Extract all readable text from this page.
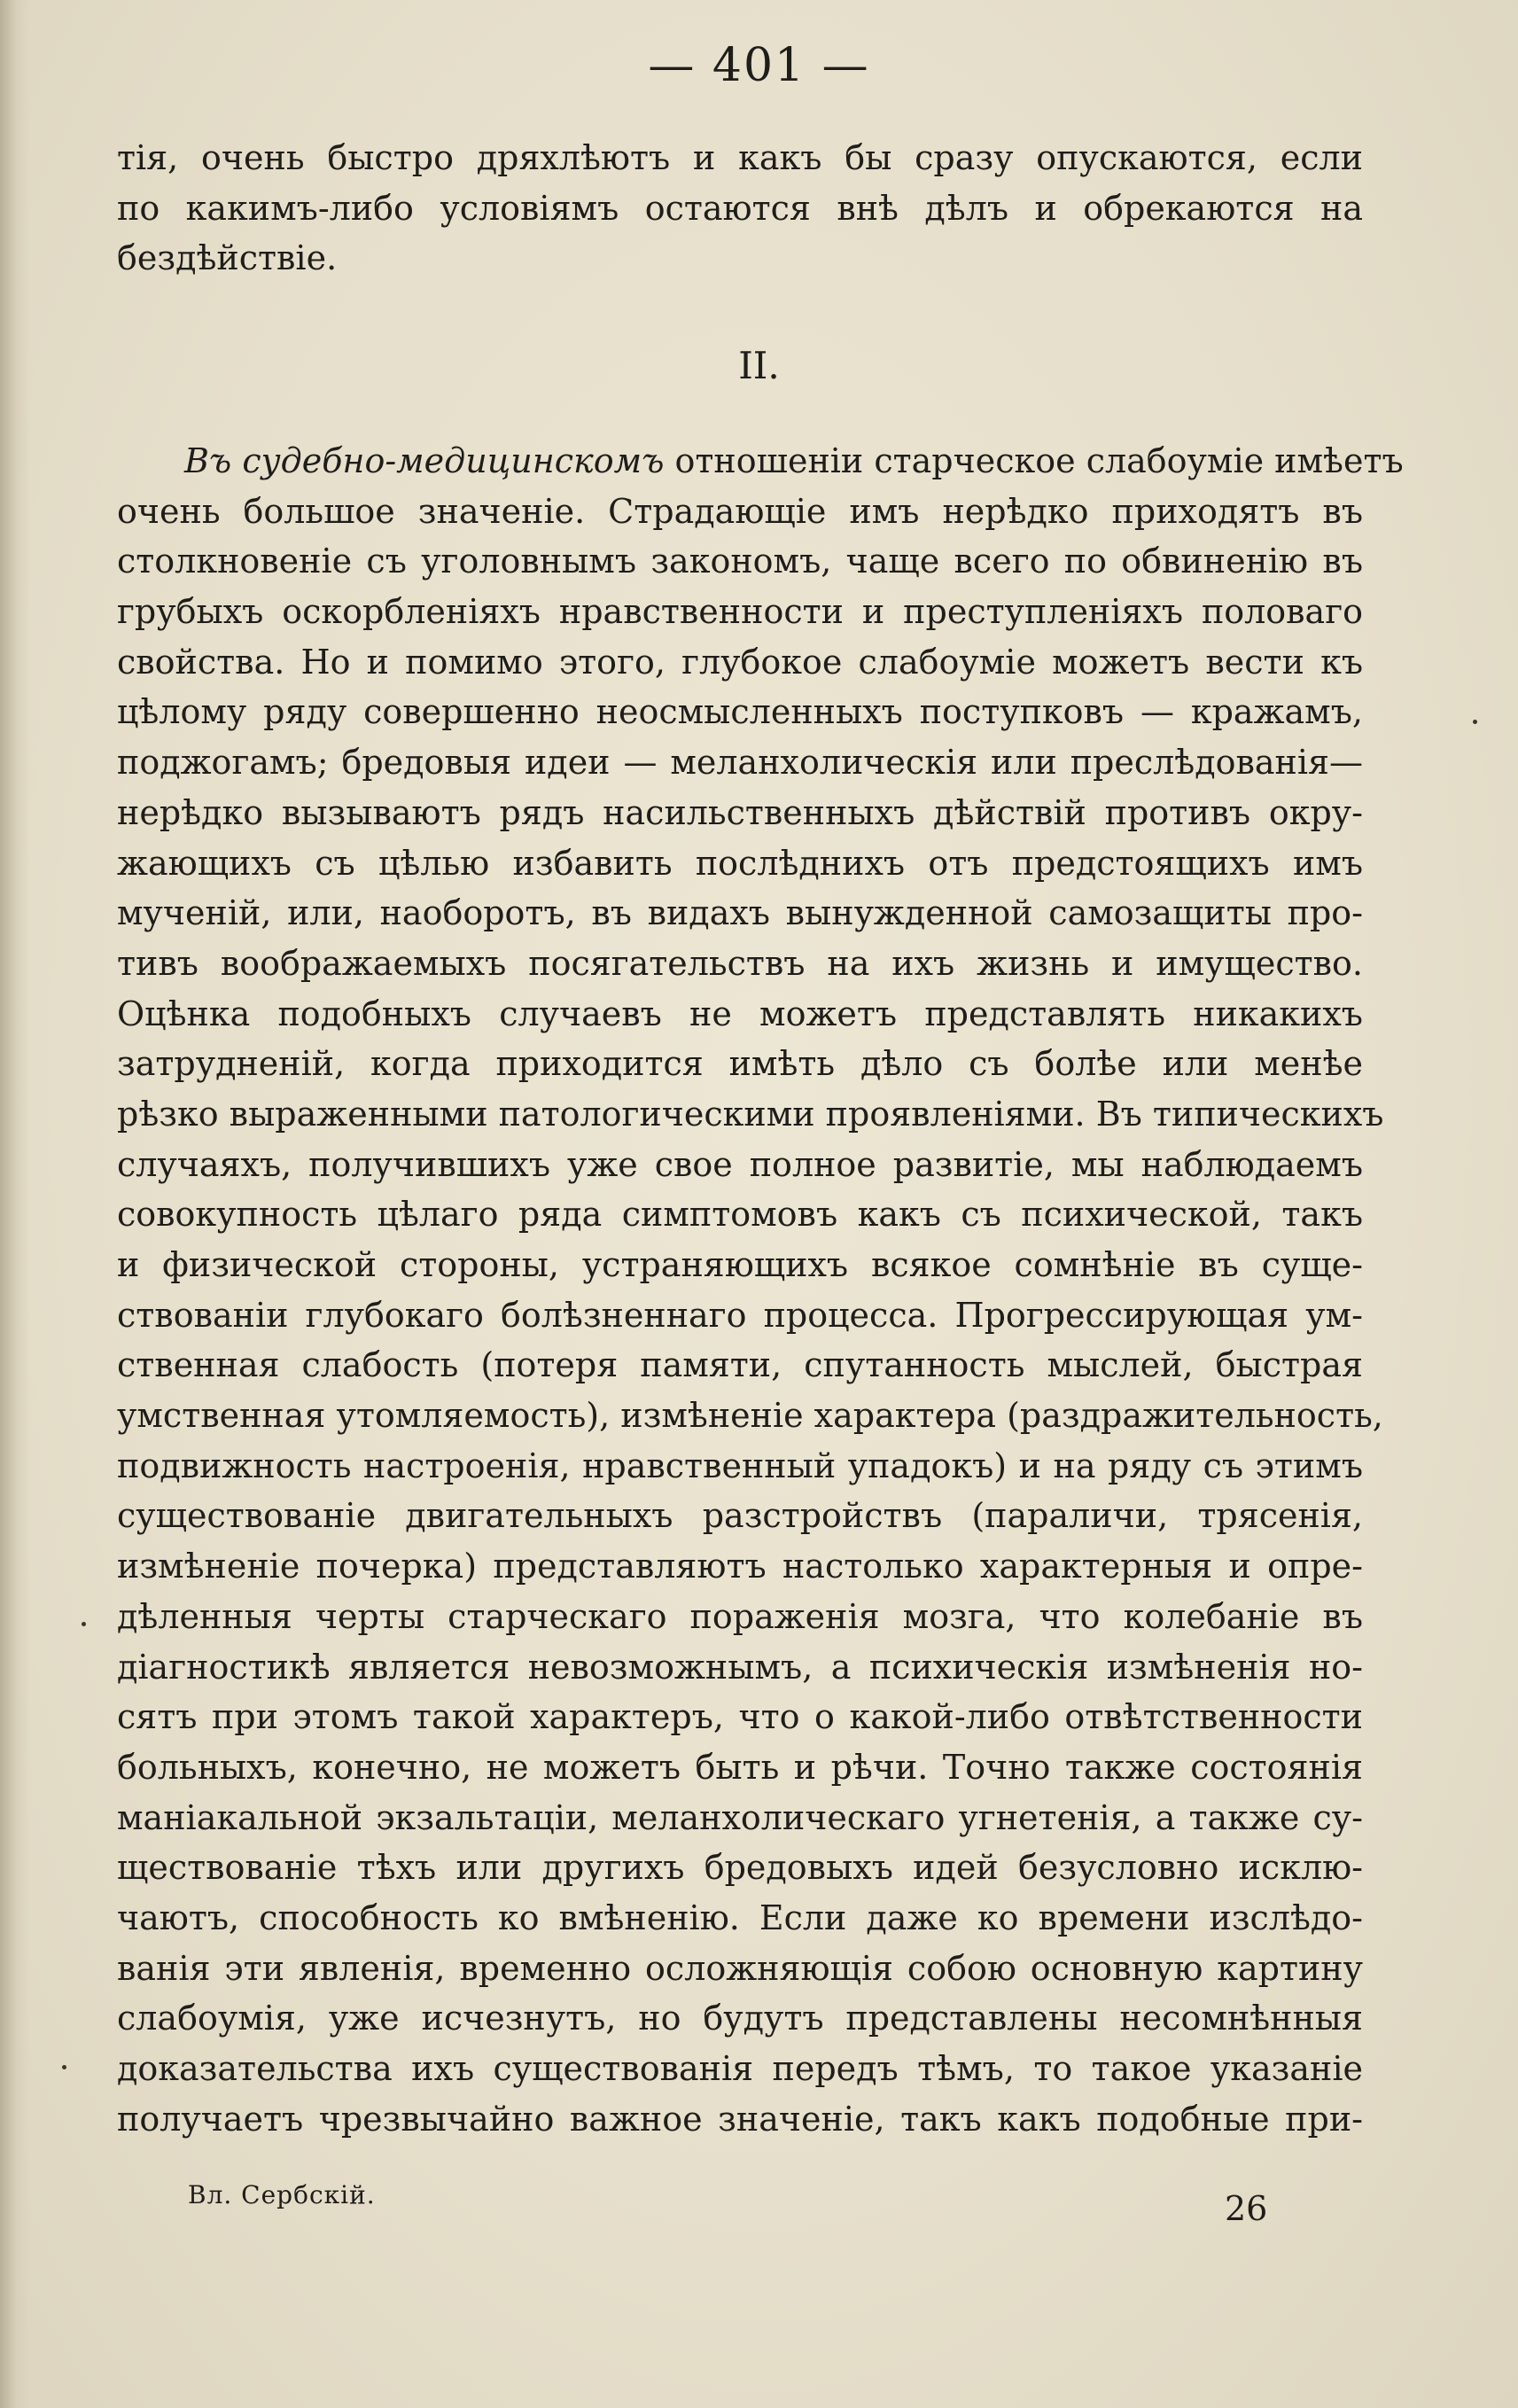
— 401 —
тія, очень быстро дряхлѣютъ и какъ бы сразу опускаются, если
по какимъ-либо условіямъ остаются внѣ дѣлъ и обрекаются на
бездѣйствіе.
II.
Въ судебно-медицинскомъ отношеніи старческое слабоуміе имѣетъ
очень большое значеніе. Страдающіе имъ нерѣдко приходятъ въ
столкновеніе съ уголовнымъ закономъ, чаще всего по обвиненію въ
грубыхъ оскорбленіяхъ нравственности и преступленіяхъ половаго
свойства. Но и помимо этого, глубокое слабоуміе можетъ вести къ
цѣлому ряду совершенно неосмысленныхъ поступковъ — кражамъ,
поджогамъ; бредовыя идеи — меланхолическія или преслѣдованія—
нерѣдко вызываютъ рядъ насильственныхъ дѣйствій противъ окру-
жающихъ съ цѣлью избавить послѣднихъ отъ предстоящихъ имъ
мученій, или, наоборотъ, въ видахъ вынужденной самозащиты про-
тивъ воображаемыхъ посягательствъ на ихъ жизнь и имущество.
Оцѣнка подобныхъ случаевъ не можетъ представлять никакихъ
затрудненій, когда приходится имѣть дѣло съ болѣе или менѣе
рѣзко выраженными патологическими проявленіями. Въ типическихъ
случаяхъ, получившихъ уже свое полное развитіе, мы наблюдаемъ
совокупность цѣлаго ряда симптомовъ какъ съ психической, такъ
и физической стороны, устраняющихъ всякое сомнѣніе въ суще-
ствованіи глубокаго болѣзненнаго процесса. Прогрессирующая ум-
ственная слабость (потеря памяти, спутанность мыслей, быстрая
умственная утомляемость), измѣненіе характера (раздражительность,
подвижность настроенія, нравственный упадокъ) и на ряду съ этимъ
существованіе двигательныхъ разстройствъ (параличи, трясенія,
измѣненіе почерка) представляютъ настолько характерныя и опре-
дѣленныя черты старческаго пораженія мозга, что колебаніе въ
діагностикѣ является невозможнымъ, а психическія измѣненія но-
сятъ при этомъ такой характеръ, что о какой-либо отвѣтственности
больныхъ, конечно, не можетъ быть и рѣчи. Точно также состоянія
маніакальной экзальтаціи, меланхолическаго угнетенія, а также су-
ществованіе тѣхъ или другихъ бредовыхъ идей безусловно исклю-
чаютъ, способность ко вмѣненію. Если даже ко времени изслѣдо-
ванія эти явленія, временно осложняющія собою основную картину
слабоумія, уже исчезнутъ, но будутъ представлены несомнѣнныя
доказательства ихъ существованія передъ тѣмъ, то такое указаніе
получаетъ чрезвычайно важное значеніе, такъ какъ подобные при-
Вл. Сербскій.	26
